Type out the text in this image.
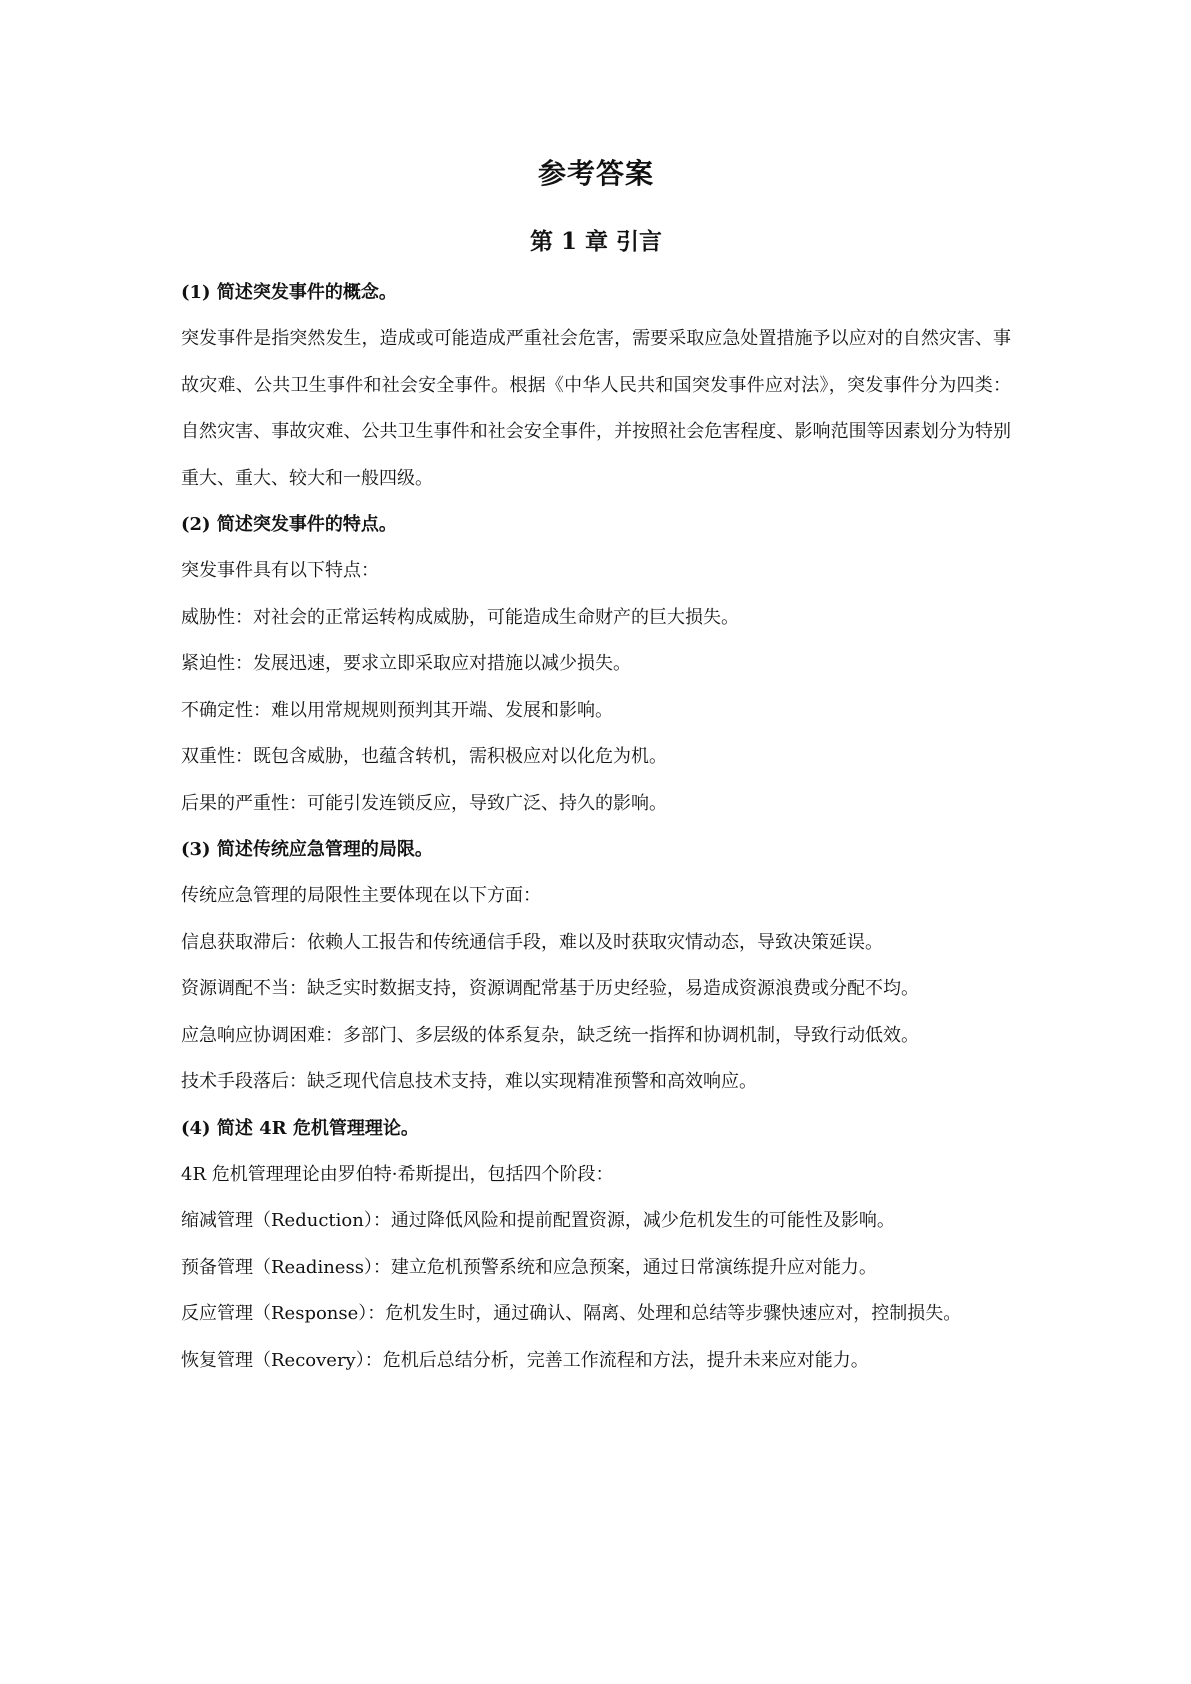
参考答案
第 1 章 引言

(1) 简述突发事件的概念。

突发事件是指突然发生，造成或可能造成严重社会危害，需要采取应急处置措施予以应对的自然灾害、事故灾难、公共卫生事件和社会安全事件。根据《中华人民共和国突发事件应对法》，突发事件分为四类：自然灾害、事故灾难、公共卫生事件和社会安全事件，并按照社会危害程度、影响范围等因素划分为特别重大、重大、较大和一般四级。

(2) 简述突发事件的特点。

突发事件具有以下特点：

威胁性：对社会的正常运转构成威胁，可能造成生命财产的巨大损失。

紧迫性：发展迅速，要求立即采取应对措施以减少损失。

不确定性：难以用常规规则预判其开端、发展和影响。

双重性：既包含威胁，也蕴含转机，需积极应对以化危为机。

后果的严重性：可能引发连锁反应，导致广泛、持久的影响。

(3) 简述传统应急管理的局限。

传统应急管理的局限性主要体现在以下方面：

信息获取滞后：依赖人工报告和传统通信手段，难以及时获取灾情动态，导致决策延误。

资源调配不当：缺乏实时数据支持，资源调配常基于历史经验，易造成资源浪费或分配不均。

应急响应协调困难：多部门、多层级的体系复杂，缺乏统一指挥和协调机制，导致行动低效。

技术手段落后：缺乏现代信息技术支持，难以实现精准预警和高效响应。

(4) 简述 4R 危机管理理论。

4R 危机管理理论由罗伯特·希斯提出，包括四个阶段：

缩减管理（Reduction）：通过降低风险和提前配置资源，减少危机发生的可能性及影响。

预备管理（Readiness）：建立危机预警系统和应急预案，通过日常演练提升应对能力。

反应管理（Response）：危机发生时，通过确认、隔离、处理和总结等步骤快速应对，控制损失。

恢复管理（Recovery）：危机后总结分析，完善工作流程和方法，提升未来应对能力。
